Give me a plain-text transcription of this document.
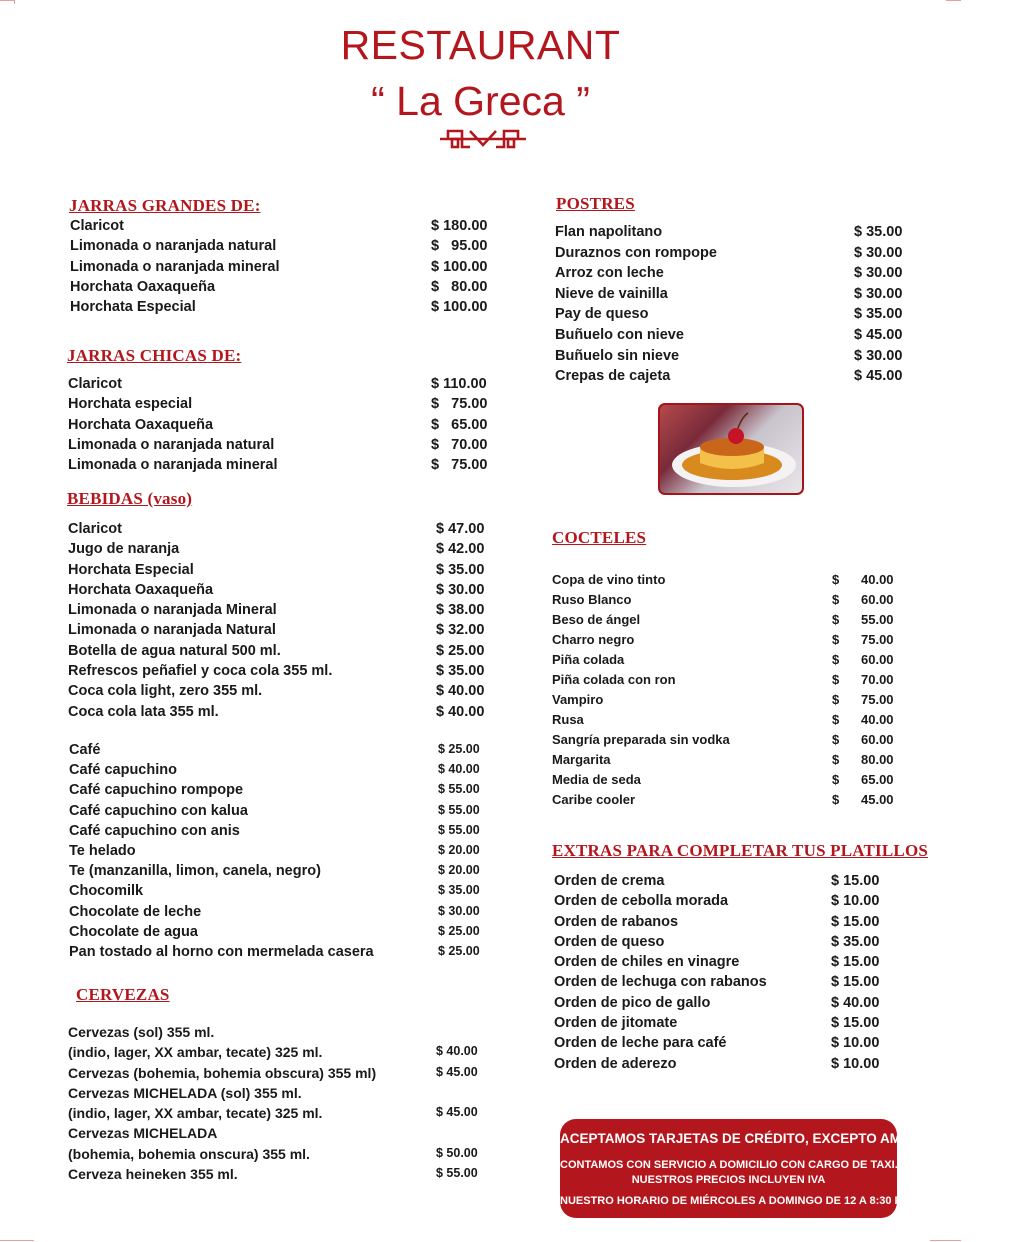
RESTAURANT
“ La Greca ”
JARRAS GRANDES DE:
Claricot	$ 180.00
Limonada o naranjada natural	$   95.00
Limonada o naranjada mineral	$ 100.00
Horchata Oaxaqueña	$   80.00
Horchata Especial	$ 100.00
JARRAS CHICAS DE:
Claricot	$ 110.00
Horchata especial	$   75.00
Horchata Oaxaqueña	$   65.00
Limonada o naranjada natural	$   70.00
Limonada o naranjada mineral	$   75.00
BEBIDAS (vaso)
Claricot	$ 47.00
Jugo de naranja	$ 42.00
Horchata Especial	$ 35.00
Horchata Oaxaqueña	$ 30.00
Limonada o naranjada Mineral	$ 38.00
Limonada o naranjada Natural	$ 32.00
Botella de agua natural 500 ml.	$ 25.00
Refrescos peñafiel y coca cola 355 ml.	$ 35.00
Coca cola light, zero 355 ml.	$ 40.00
Coca cola lata 355 ml.	$ 40.00
Café	$ 25.00
Café capuchino	$ 40.00
Café capuchino rompope	$ 55.00
Café capuchino con kalua	$ 55.00
Café capuchino con anis	$ 55.00
Te helado	$ 20.00
Te (manzanilla, limon, canela, negro)	$ 20.00
Chocomilk	$ 35.00
Chocolate de leche	$ 30.00
Chocolate de agua	$ 25.00
Pan tostado al horno con mermelada casera	$ 25.00
CERVEZAS
Cervezas (sol) 355 ml.
(indio, lager, XX ambar, tecate) 325 ml.	$ 40.00
Cervezas (bohemia, bohemia obscura) 355 ml)	$ 45.00
Cervezas MICHELADA (sol) 355 ml.
(indio, lager, XX ambar, tecate) 325 ml.	$ 45.00
Cervezas MICHELADA
(bohemia, bohemia onscura) 355 ml.	$ 50.00
Cerveza heineken 355 ml.	$ 55.00
POSTRES
Flan napolitano	$ 35.00
Duraznos con rompope	$ 30.00
Arroz con leche	$ 30.00
Nieve de vainilla	$ 30.00
Pay de queso	$ 35.00
Buñuelo con nieve	$ 45.00
Buñuelo sin nieve	$ 30.00
Crepas de cajeta	$ 45.00
COCTELES
Copa de vino tinto	$ 40.00
Ruso Blanco	$ 60.00
Beso de ángel	$ 55.00
Charro negro	$ 75.00
Piña colada	$ 60.00
Piña colada con ron	$ 70.00
Vampiro	$ 75.00
Rusa	$ 40.00
Sangría preparada sin vodka	$ 60.00
Margarita	$ 80.00
Media de seda	$ 65.00
Caribe cooler	$ 45.00
EXTRAS PARA COMPLETAR TUS PLATILLOS
Orden de crema	$ 15.00
Orden de cebolla morada	$ 10.00
Orden de rabanos	$ 15.00
Orden de queso	$ 35.00
Orden de chiles en vinagre	$ 15.00
Orden de lechuga con rabanos	$ 15.00
Orden de pico de gallo	$ 40.00
Orden de jitomate	$ 15.00
Orden de leche para café	$ 10.00
Orden de aderezo	$ 10.00
ACEPTAMOS TARJETAS DE CRÉDITO, EXCEPTO AMERICAN EXPRESS
CONTAMOS CON SERVICIO A DOMICILIO CON CARGO DE TAXI.
NUESTROS PRECIOS INCLUYEN IVA
NUESTRO HORARIO DE MIÉRCOLES A DOMINGO DE 12 A 8:30 PM.
